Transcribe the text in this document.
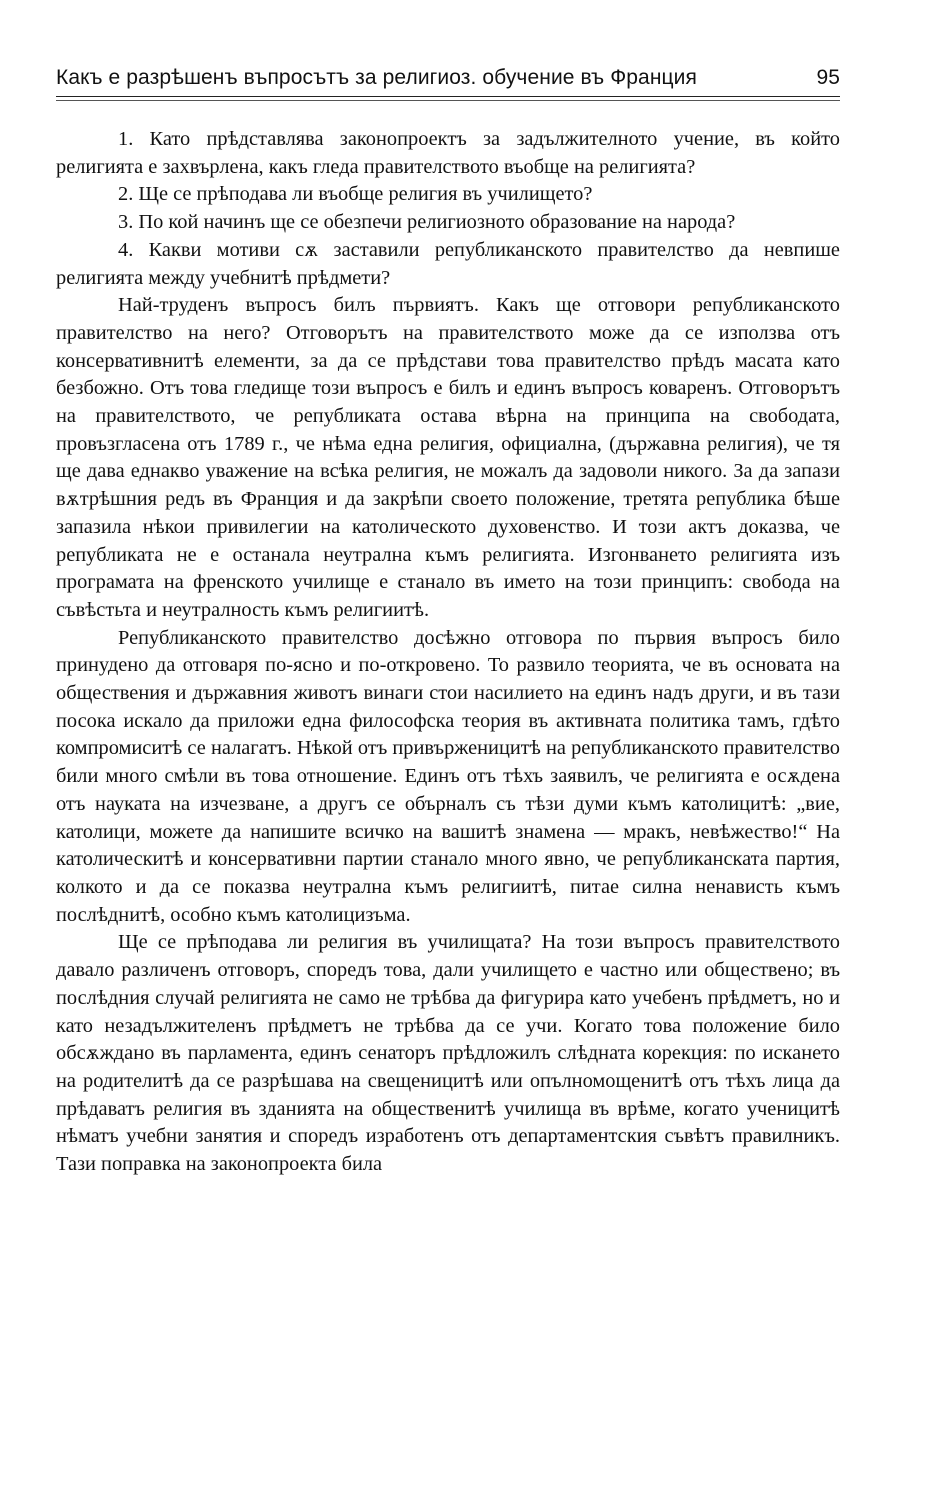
Какъ е разрѣшенъ въпросътъ за религиоз. обучение въ Франция	95

1. Като прѣдставлява законопроектъ за задължителното учение, въ който религията е захвърлена, какъ гледа правителството въобще на религията?

2. Ще се прѣподава ли въобще религия въ училището?

3. По кой начинъ ще се обезпечи религиозното образование на народа?

4. Какви мотиви сѫ заставили републиканското правителство да невпише религията между учебнитѣ прѣдмети?

Най-труденъ въпросъ билъ първиятъ. Какъ ще отговори републиканското правителство на него? Отговорътъ на правителството може да се използва отъ консервативнитѣ елементи, за да се прѣдстави това правителство прѣдъ масата като безбожно. Отъ това гледище този въпросъ е билъ и единъ въпросъ коваренъ. Отговорътъ на правителството, че републиката остава вѣрна на принципа на свободата, провъзгласена отъ 1789 г., че нѣма една религия, официална, (държавна религия), че тя ще дава еднакво уважение на всѣка религия, не можалъ да задоволи никого. За да запази вѫтрѣшния редъ въ Франция и да закрѣпи своето положение, третята република бѣше запазила нѣкои привилегии на католическото духовенство. И този актъ доказва, че републиката не е останала неутрална къмъ религията. Изгонването религията изъ програмата на френското училище е станало въ името на този принципъ: свобода на съвѣстьта и неутралность къмъ религиитѣ.

Републиканското правителство досѣжно отговора по първия въпросъ било принудено да отговаря по-ясно и по-откровено. То развило теорията, че въ основата на обществения и държавния животъ винаги стои насилието на единъ надъ други, и въ тази посока искало да приложи една философска теория въ активната политика тамъ, гдѣто компромиситѣ се налагатъ. Нѣкой отъ привърженицитѣ на републиканското правителство били много смѣли въ това отношение. Единъ отъ тѣхъ заявилъ, че религията е осѫдена отъ науката на изчезване, а другъ се обърналъ съ тѣзи думи къмъ католицитѣ: „вие, католици, можете да напишите всичко на вашитѣ знамена — мракъ, невѣжество!“ На католическитѣ и консервативни партии станало много явно, че републиканската партия, колкото и да се показва неутрална къмъ религиитѣ, питае силна ненависть къмъ послѣднитѣ, особно къмъ католицизъма.

Ще се прѣподава ли религия въ училищата? На този въпросъ правителството давало различенъ отговоръ, споредъ това, дали училището е частно или обществено; въ послѣдния случай религията не само не трѣбва да фигурира като учебенъ прѣдметъ, но и като незадължителенъ прѣдметъ не трѣбва да се учи. Когато това положение било обсѫждано въ парламента, единъ сенаторъ прѣдложилъ слѣдната корекция: по искането на родителитѣ да се разрѣшава на свещеницитѣ или опълномощенитѣ отъ тѣхъ лица да прѣдаватъ религия въ зданията на общественитѣ училища въ врѣме, когато ученицитѣ нѣматъ учебни занятия и споредъ изработенъ отъ департаментския съвѣтъ правилникъ. Тази поправка на законопроекта била
